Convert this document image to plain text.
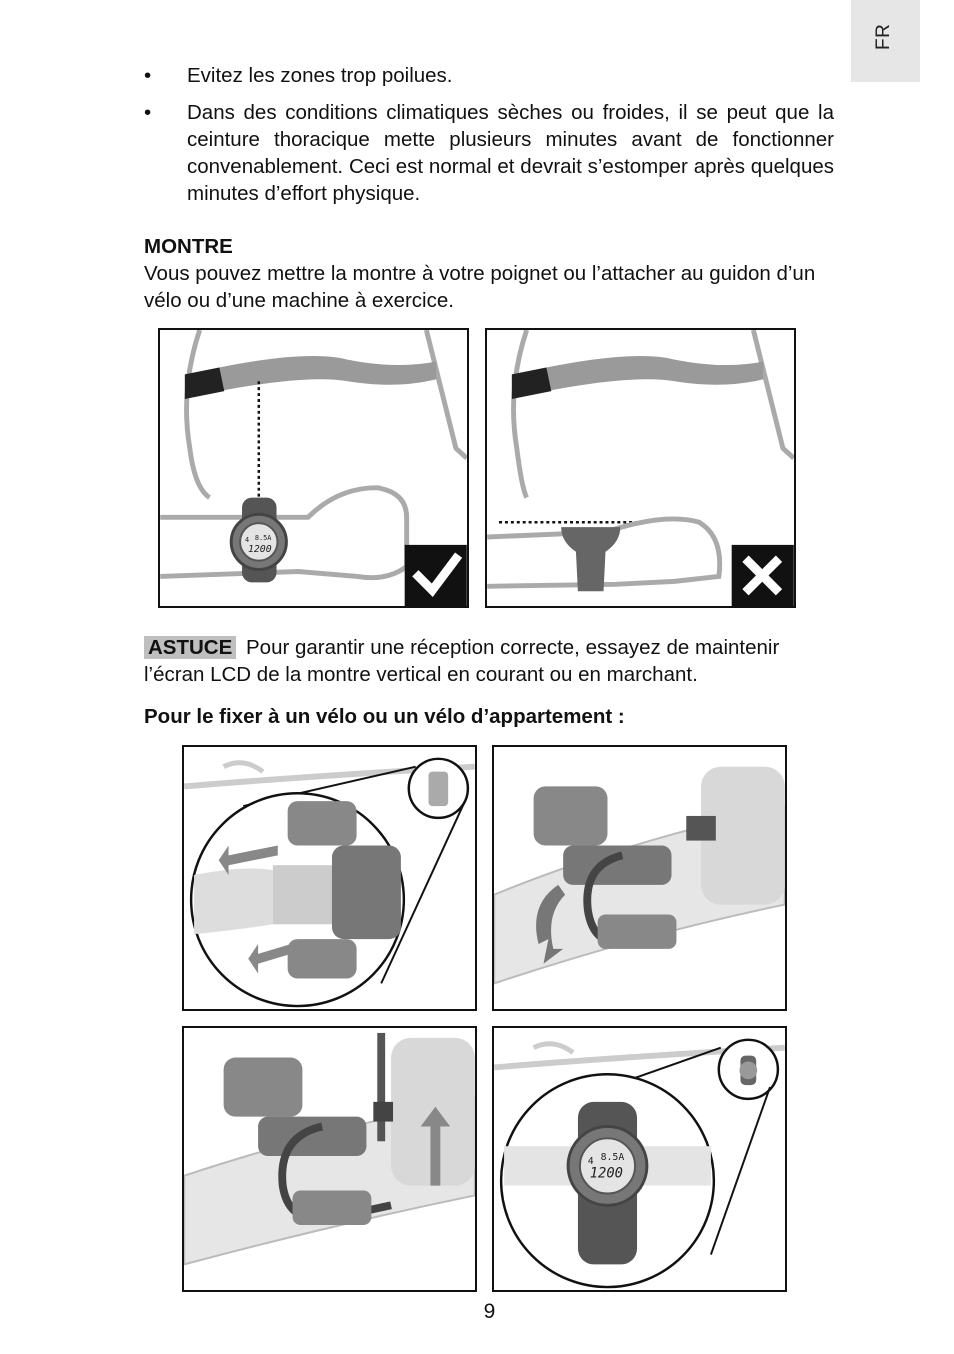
FR
• Evitez les zones trop poilues.
• Dans des conditions climatiques sèches ou froides, il se peut que la ceinture thoracique mette plusieurs minutes avant de fonctionner convenablement. Ceci est normal et devrait s’estomper après quelques minutes d’effort physique.
MONTRE
Vous pouvez mettre la montre à votre poignet ou l’attacher au guidon d’un vélo ou d’une machine à exercice.
4 8.5A
1200
ASTUCE Pour garantir une réception correcte, essayez de maintenir l’écran LCD de la montre vertical en courant ou en marchant.
Pour le fixer à un vélo ou un vélo d’appartement :
4 8.5A
1200
9
